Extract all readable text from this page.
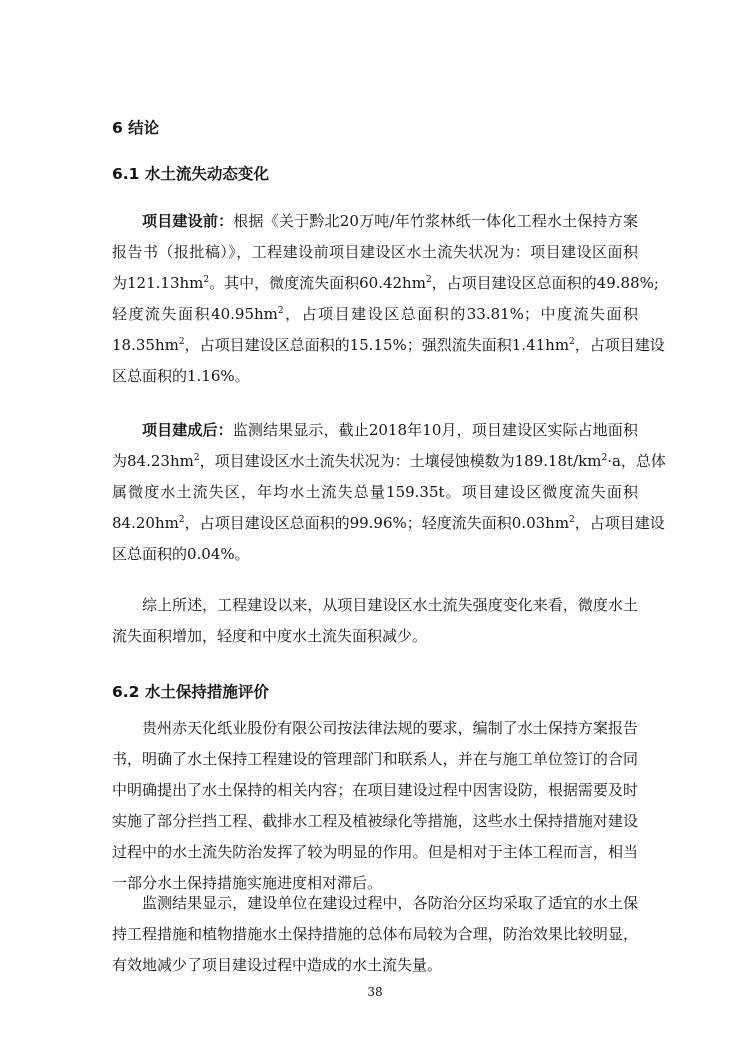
6 结论
6.1 水土流失动态变化
项目建设前：根据《关于黔北20万吨/年竹浆林纸一体化工程水土保持方案
报告书（报批稿）》，工程建设前项目建设区水土流失状况为：项目建设区面积
为$121.13hm^2$。其中，微度流失面积$60.42hm^2$，占项目建设区总面积的49.88%;
轻度流失面积$40.95hm^2$，占项目建设区总面积的33.81%；中度流失面积
$18.35hm^2$，占项目建设区总面积的15.15%；强烈流失面积$1.41hm^2$，占项目建设
区总面积的1.16%。
项目建成后：监测结果显示，截止2018年10月，项目建设区实际占地面积
为$84.23hm^2$，项目建设区水土流失状况为：土壤侵蚀模数为$189.18t/km^2\cdot a$，总体
属微度水土流失区，年均水土流失总量159.35t。项目建设区微度流失面积
$84.20hm^2$，占项目建设区总面积的99.96%；轻度流失面积$0.03hm^2$，占项目建设
区总面积的0.04%。
综上所述，工程建设以来，从项目建设区水土流失强度变化来看，微度水土
流失面积增加，轻度和中度水土流失面积减少。
6.2 水土保持措施评价
贵州赤天化纸业股份有限公司按法律法规的要求，编制了水土保持方案报告
书，明确了水土保持工程建设的管理部门和联系人，并在与施工单位签订的合同
中明确提出了水土保持的相关内容；在项目建设过程中因害设防，根据需要及时
实施了部分拦挡工程、截排水工程及植被绿化等措施，这些水土保持措施对建设
过程中的水土流失防治发挥了较为明显的作用。但是相对于主体工程而言，相当
一部分水土保持措施实施进度相对滞后。
监测结果显示，建设单位在建设过程中，各防治分区均采取了适宜的水土保
持工程措施和植物措施水土保持措施的总体布局较为合理，防治效果比较明显，
有效地减少了项目建设过程中造成的水土流失量。
38
